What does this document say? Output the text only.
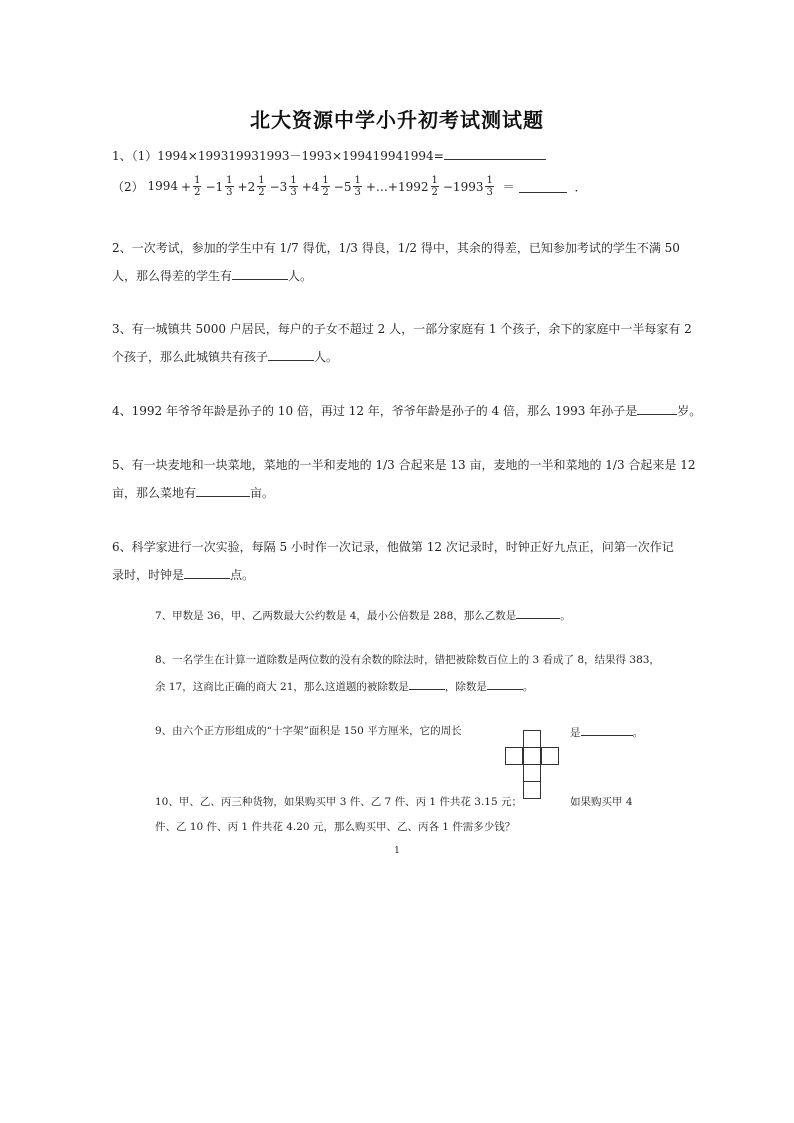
北大资源中学小升初考试测试题
1、（1）1994×199319931993－1993×199419941994=
（2） $1994 + \frac{1}{2} -1 \frac{1}{3} +2 \frac{1}{2} -3 \frac{1}{3} +4 \frac{1}{2} -5 \frac{1}{3}$ +…+1992 $\frac{1}{2} -1993 \frac{1}{3}$ ＝	．
2、一次考试，参加的学生中有 1/7 得优，1/3 得良，1/2 得中，其余的得差，已知参加考试的学生不满 50
人，那么得差的学生有	人。
3、有一城镇共 5000 户居民，每户的子女不超过 2 人，一部分家庭有 1 个孩子，余下的家庭中一半每家有 2
个孩子，那么此城镇共有孩子	人。
4、1992 年爷爷年龄是孙子的 10 倍，再过 12 年，爷爷年龄是孙子的 4 倍，那么 1993 年孙子是	岁。
5、有一块麦地和一块菜地，菜地的一半和麦地的 1/3 合起来是 13 亩，麦地的一半和菜地的 1/3 合起来是 12
亩，那么菜地有	亩。
6、科学家进行一次实验，每隔 5 小时作一次记录，他做第 12 次记录时，时钟正好九点正，问第一次作记
录时，时钟是	点。
7、甲数是 36，甲、乙两数最大公约数是 4，最小公倍数是 288，那么乙数是	。
8、一名学生在计算一道除数是两位数的没有余数的除法时，错把被除数百位上的 3 看成了 8，结果得 383，
余 17，这商比正确的商大 21，那么这道题的被除数是	，除数是	。
9、由六个正方形组成的“十字架”面积是 150 平方厘米，它的周长	是	。
10、甲、乙、丙三种货物，如果购买甲 3 件、乙 7 件、丙 1 件共花 3.15 元；	如果购买甲 4
件、乙 10 件、丙 1 件共花 4.20 元，那么购买甲、乙、丙各 1 件需多少钱？
1
